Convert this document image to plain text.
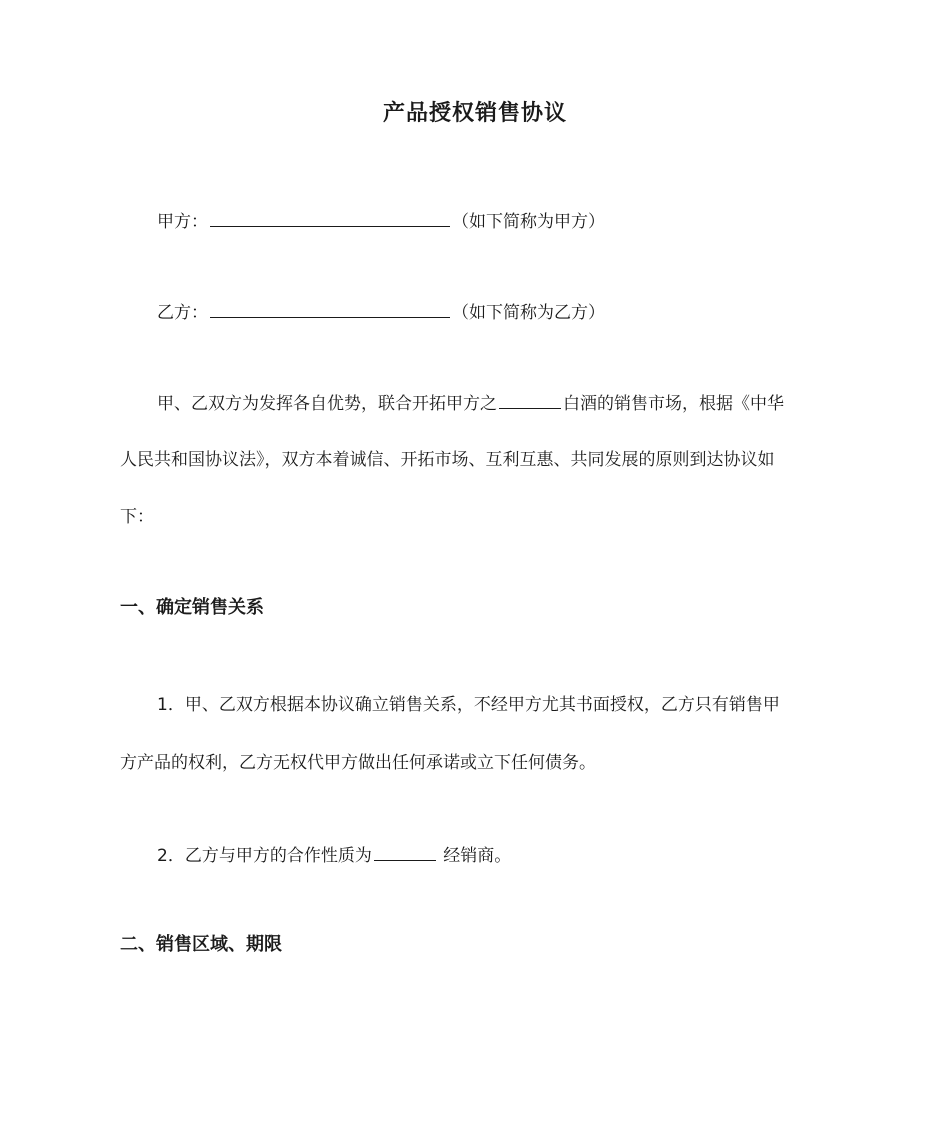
产品授权销售协议
甲方：	（如下简称为甲方）
乙方：	（如下简称为乙方）
甲、乙双方为发挥各自优势，联合开拓甲方之	白酒的销售市场，根据《中华
人民共和国协议法》，双方本着诚信、开拓市场、互利互惠、共同发展的原则到达协议如
下：
一、确定销售关系
1．甲、乙双方根据本协议确立销售关系，不经甲方尤其书面授权，乙方只有销售甲
方产品的权利，乙方无权代甲方做出任何承诺或立下任何债务。
2．乙方与甲方的合作性质为	经销商。
二、销售区域、期限
